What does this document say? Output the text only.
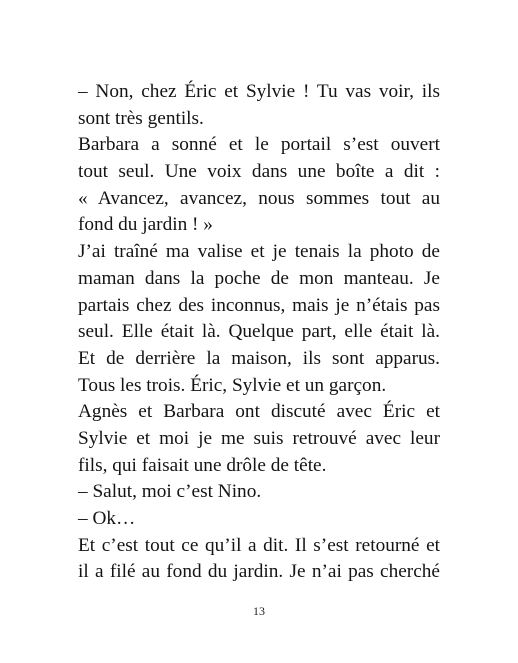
– Non, chez Éric et Sylvie ! Tu vas voir, ils
sont très gentils.
Barbara a sonné et le portail s’est ouvert
tout seul. Une voix dans une boîte a dit :
« Avancez, avancez, nous sommes tout au
fond du jardin ! »
J’ai traîné ma valise et je tenais la photo de
maman dans la poche de mon manteau. Je
partais chez des inconnus, mais je n’étais pas
seul. Elle était là. Quelque part, elle était là.
Et de derrière la maison, ils sont apparus.
Tous les trois. Éric, Sylvie et un garçon.
Agnès et Barbara ont discuté avec Éric et
Sylvie et moi je me suis retrouvé avec leur
fils, qui faisait une drôle de tête.
– Salut, moi c’est Nino.
– Ok…
Et c’est tout ce qu’il a dit. Il s’est retourné et
il a filé au fond du jardin. Je n’ai pas cherché
13
